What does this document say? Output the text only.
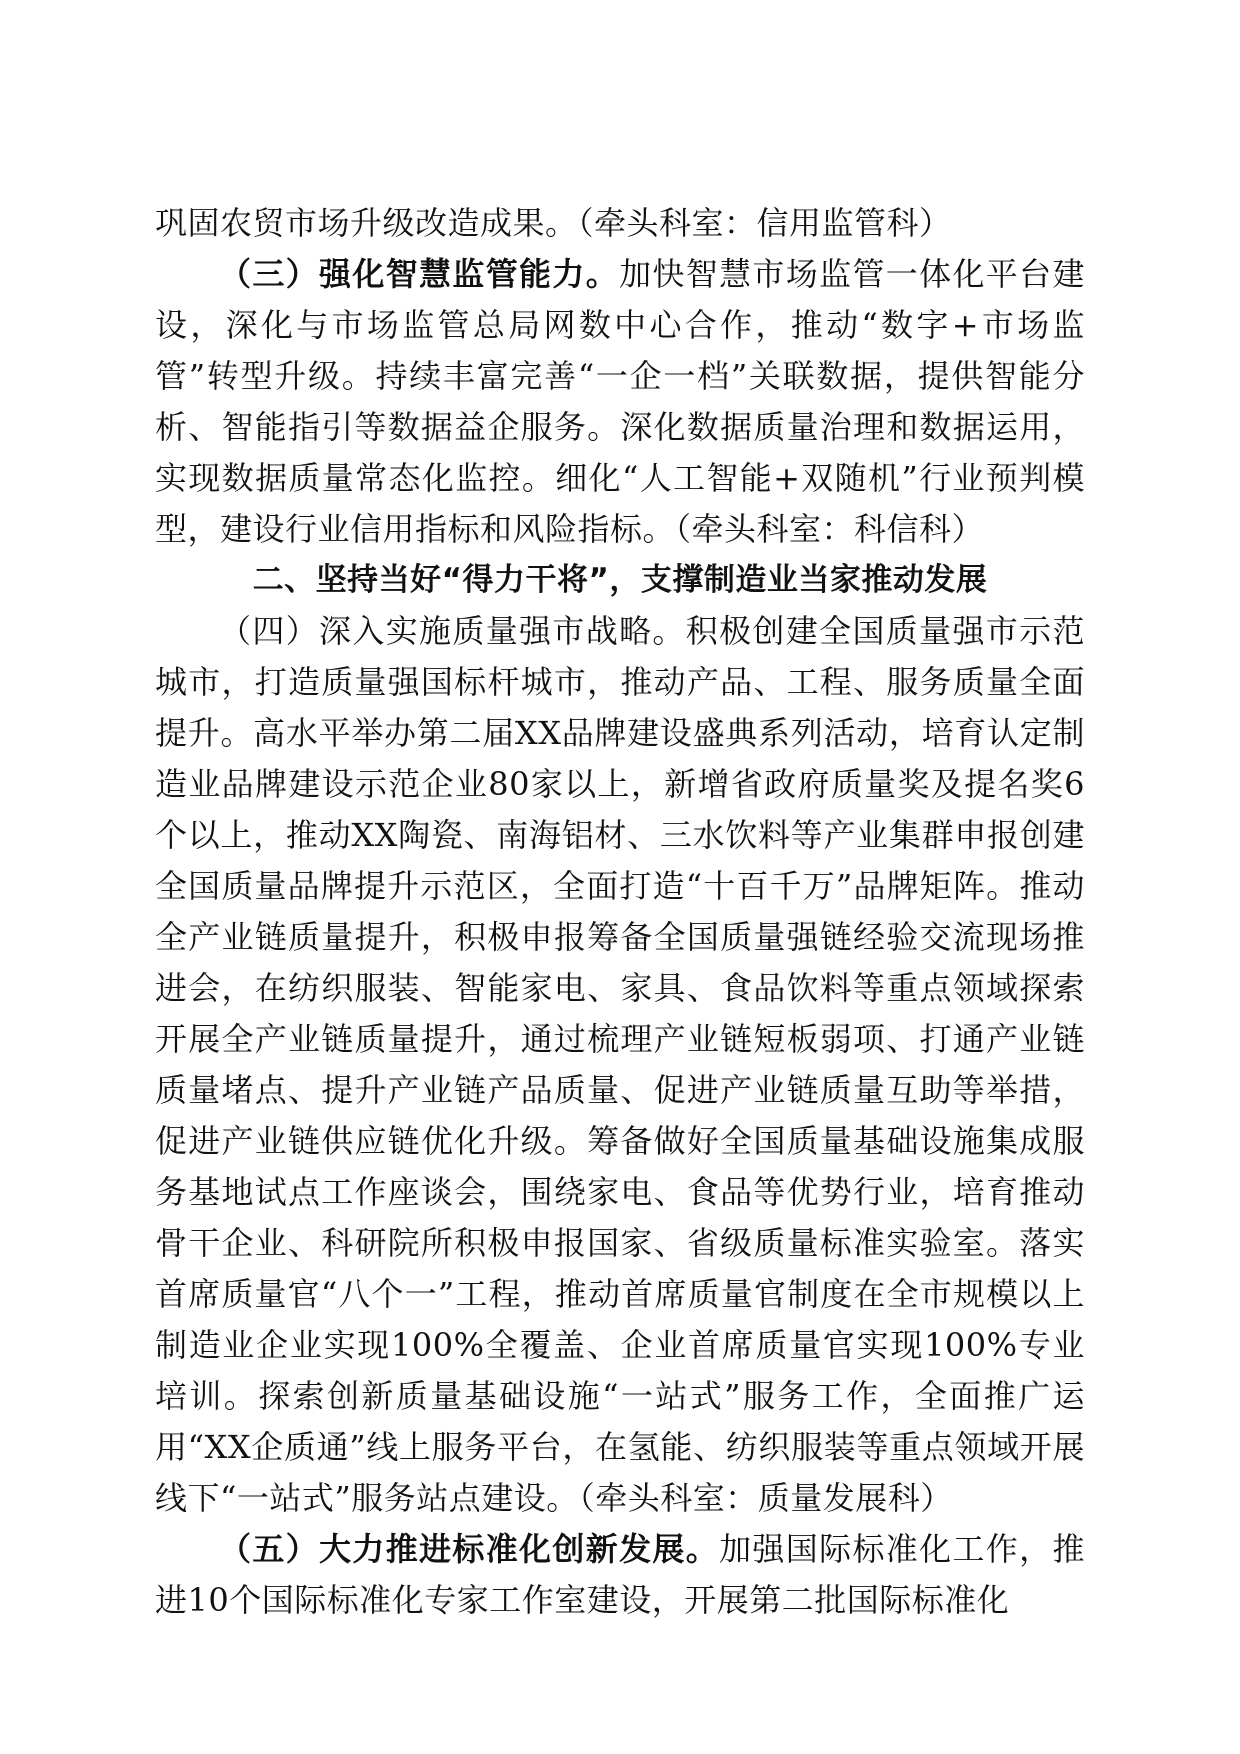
巩固农贸市场升级改造成果。（牵头科室：信用监管科）

（三）强化智慧监管能力。加快智慧市场监管一体化平台建设，深化与市场监管总局网数中心合作，推动“数字+市场监管”转型升级。持续丰富完善“一企一档”关联数据，提供智能分析、智能指引等数据益企服务。深化数据质量治理和数据运用，实现数据质量常态化监控。细化“人工智能+双随机”行业预判模型，建设行业信用指标和风险指标。（牵头科室：科信科）

二、坚持当好“得力干将”，支撑制造业当家推动发展

（四）深入实施质量强市战略。积极创建全国质量强市示范城市，打造质量强国标杆城市，推动产品、工程、服务质量全面提升。高水平举办第二届XX品牌建设盛典系列活动，培育认定制造业品牌建设示范企业80家以上，新增省政府质量奖及提名奖6个以上，推动XX陶瓷、南海铝材、三水饮料等产业集群申报创建全国质量品牌提升示范区，全面打造“十百千万”品牌矩阵。推动全产业链质量提升，积极申报筹备全国质量强链经验交流现场推进会，在纺织服装、智能家电、家具、食品饮料等重点领域探索开展全产业链质量提升，通过梳理产业链短板弱项、打通产业链质量堵点、提升产业链产品质量、促进产业链质量互助等举措，促进产业链供应链优化升级。筹备做好全国质量基础设施集成服务基地试点工作座谈会，围绕家电、食品等优势行业，培育推动骨干企业、科研院所积极申报国家、省级质量标准实验室。落实首席质量官“八个一”工程，推动首席质量官制度在全市规模以上制造业企业实现100%全覆盖、企业首席质量官实现100%专业培训。探索创新质量基础设施“一站式”服务工作，全面推广运用“XX企质通”线上服务平台，在氢能、纺织服装等重点领域开展线下“一站式”服务站点建设。（牵头科室：质量发展科）

（五）大力推进标准化创新发展。加强国际标准化工作，推进10个国际标准化专家工作室建设，开展第二批国际标准化
